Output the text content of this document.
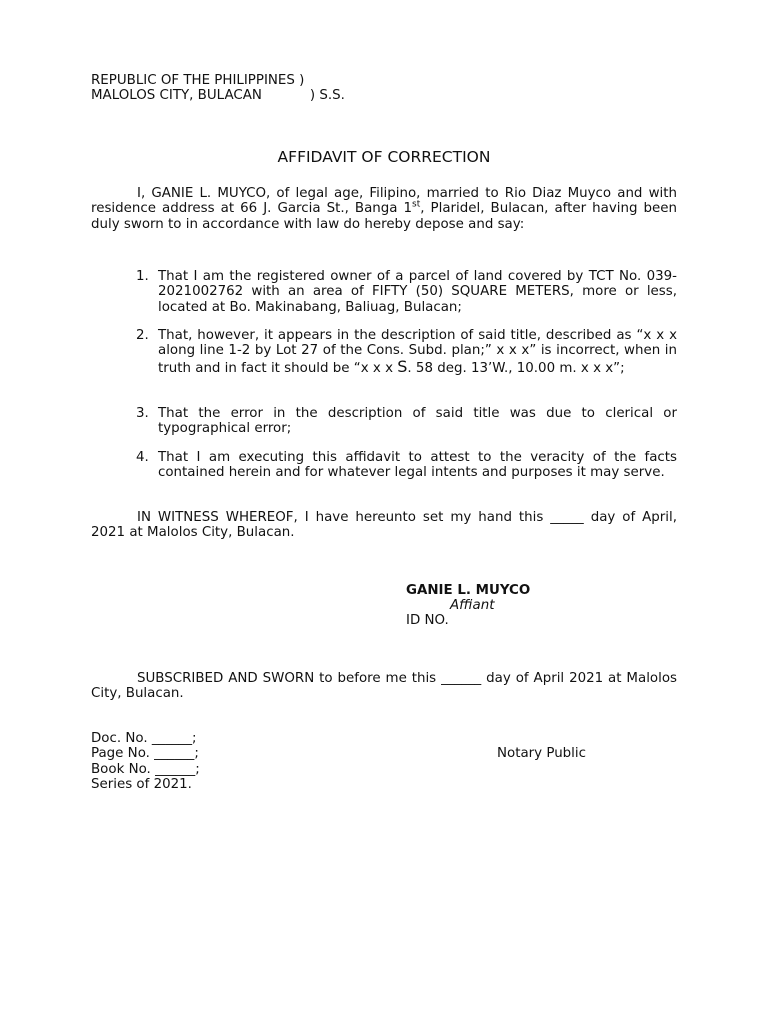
REPUBLIC OF THE PHILIPPINES )
MALOLOS CITY, BULACAN	) S.S.
AFFIDAVIT OF CORRECTION
I, GANIE L. MUYCO, of legal age, Filipino, married to Rio Diaz Muyco and with residence address at 66 J. Garcia St., Banga 1st, Plaridel, Bulacan, after having been duly sworn to in accordance with law do hereby depose and say:
1. That I am the registered owner of a parcel of land covered by TCT No. 039-2021002762 with an area of FIFTY (50) SQUARE METERS, more or less, located at Bo. Makinabang, Baliuag, Bulacan;
2. That, however, it appears in the description of said title, described as “x x x along line 1-2 by Lot 27 of the Cons. Subd. plan;” x x x” is incorrect, when in truth and in fact it should be “x x x S. 58 deg. 13’W., 10.00 m. x x x”;
3. That the error in the description of said title was due to clerical or typographical error;
4. That I am executing this affidavit to attest to the veracity of the facts contained herein and for whatever legal intents and purposes it may serve.
IN WITNESS WHEREOF, I have hereunto set my hand this _____ day of April, 2021 at Malolos City, Bulacan.
GANIE L. MUYCO
Affiant
ID NO.
SUBSCRIBED AND SWORN to before me this ______ day of April 2021 at Malolos City, Bulacan.
Doc. No. ______;
Page No. ______;
Book No. ______;
Series of 2021.
Notary Public
